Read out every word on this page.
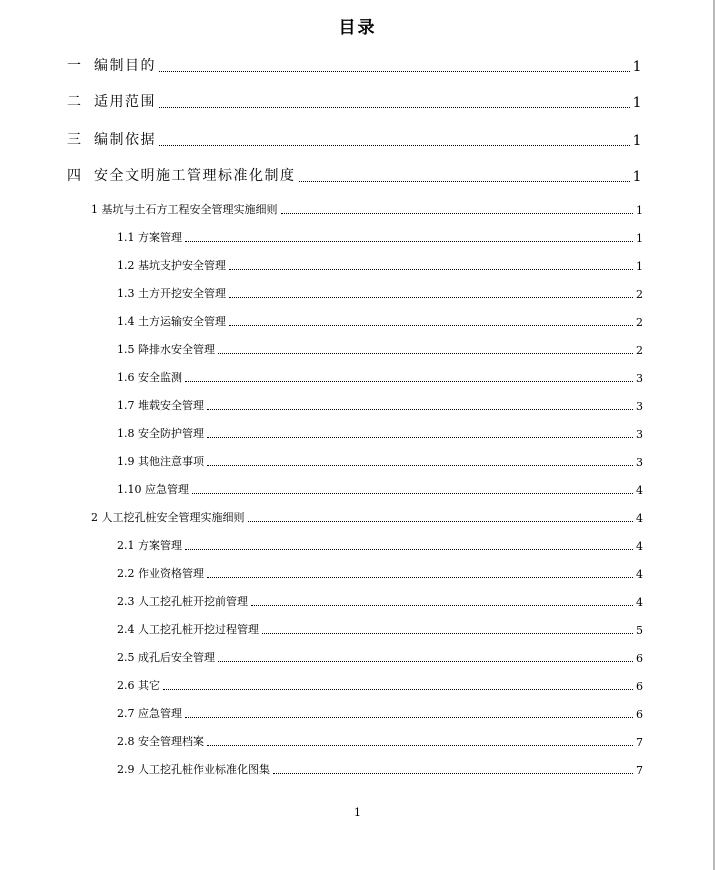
目录
一 编制目的	1
二 适用范围	1
三 编制依据	1
四 安全文明施工管理标准化制度	1
1 基坑与土石方工程安全管理实施细则	1
1.1 方案管理	1
1.2 基坑支护安全管理	1
1.3 土方开挖安全管理	2
1.4 土方运输安全管理	2
1.5 降排水安全管理	2
1.6 安全监测	3
1.7 堆载安全管理	3
1.8 安全防护管理	3
1.9 其他注意事项	3
1.10 应急管理	4
2 人工挖孔桩安全管理实施细则	4
2.1 方案管理	4
2.2 作业资格管理	4
2.3 人工挖孔桩开挖前管理	4
2.4 人工挖孔桩开挖过程管理	5
2.5 成孔后安全管理	6
2.6 其它	6
2.7 应急管理	6
2.8 安全管理档案	7
2.9 人工挖孔桩作业标准化图集	7
1
